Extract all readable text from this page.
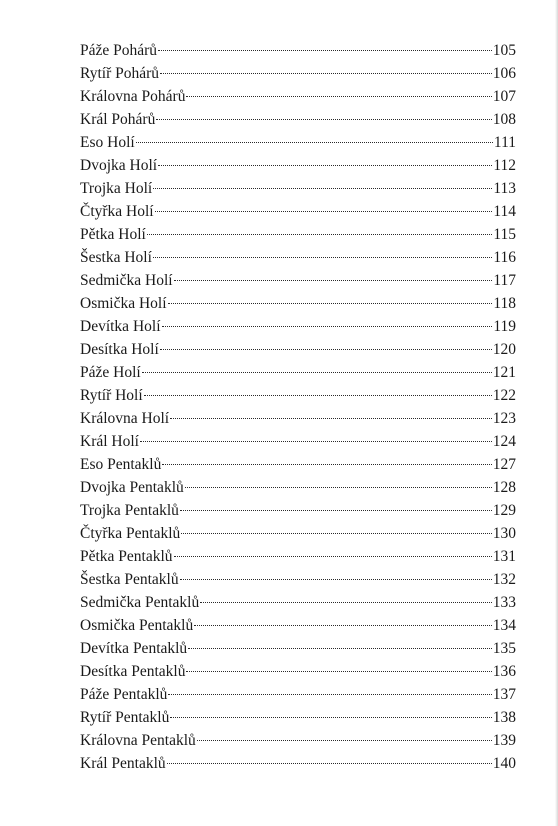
Páže Pohárů	105
Rytíř Pohárů	106
Královna Pohárů	107
Král Pohárů	108
Eso Holí	111
Dvojka Holí	112
Trojka Holí	113
Čtyřka Holí	114
Pětka Holí	115
Šestka Holí	116
Sedmička Holí	117
Osmička Holí	118
Devítka Holí	119
Desítka Holí	120
Páže Holí	121
Rytíř Holí	122
Královna Holí	123
Král Holí	124
Eso Pentaklů	127
Dvojka Pentaklů	128
Trojka Pentaklů	129
Čtyřka Pentaklů	130
Pětka Pentaklů	131
Šestka Pentaklů	132
Sedmička Pentaklů	133
Osmička Pentaklů	134
Devítka Pentaklů	135
Desítka Pentaklů	136
Páže Pentaklů	137
Rytíř Pentaklů	138
Královna Pentaklů	139
Král Pentaklů	140
